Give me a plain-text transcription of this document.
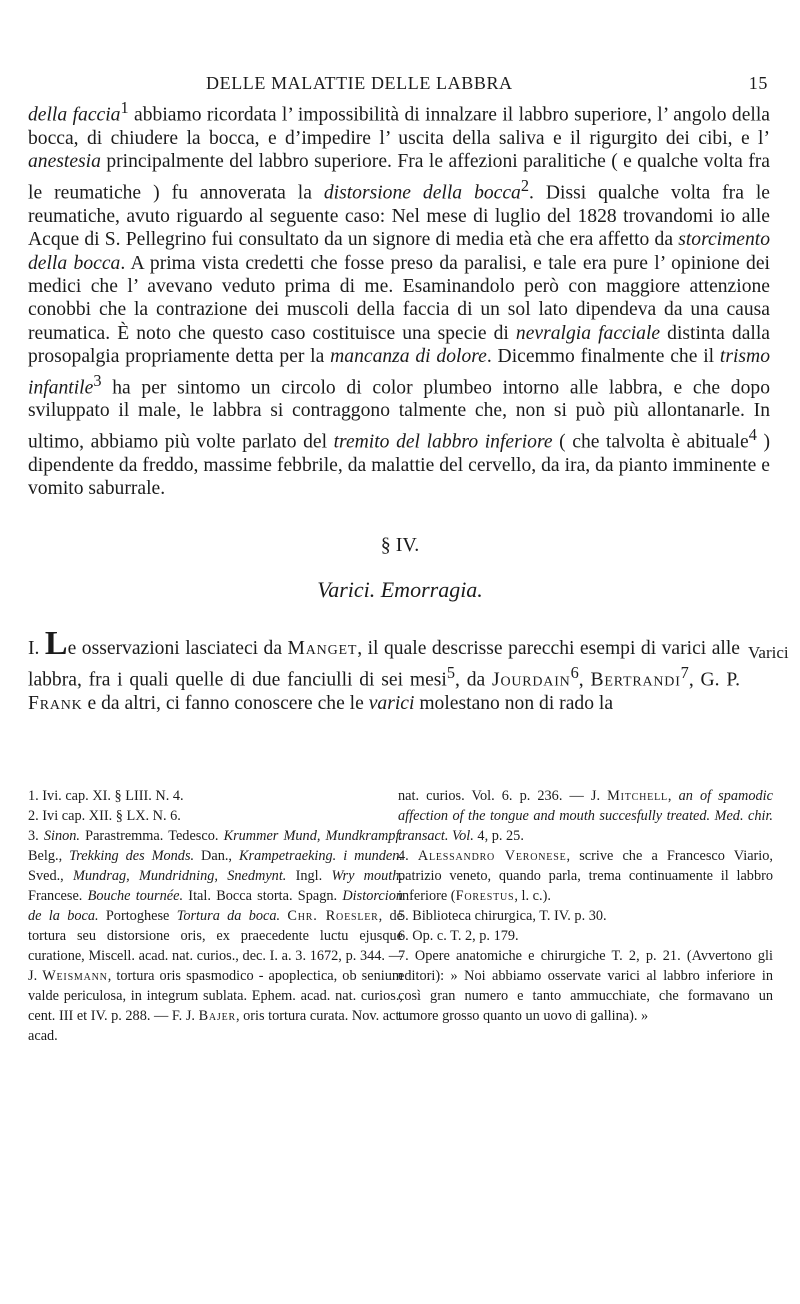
DELLE MALATTIE DELLE LABBRA	15

della faccia$^1$ abbiamo ricordata l’ impossibilità di innalzare il labbro superiore, l’ angolo della bocca, di chiudere la bocca, e d’impedire l’ uscita della saliva e il rigurgito dei cibi, e l’ anestesia principalmente del labbro superiore. Fra le affezioni paralitiche ( e qualche volta fra le reumatiche ) fu annoverata la distorsione della bocca$^2$. Dissi qualche volta fra le reumatiche, avuto riguardo al seguente caso: Nel mese di luglio del 1828 trovandomi io alle Acque di S. Pellegrino fui consultato da un signore di media età che era affetto da storcimento della bocca. A prima vista credetti che fosse preso da paralisi, e tale era pure l’ opinione dei medici che l’ avevano veduto prima di me. Esaminandolo però con maggiore attenzione conobbi che la contrazione dei muscoli della faccia di un sol lato dipendeva da una causa reumatica. È noto che questo caso costituisce una specie di nevralgia facciale distinta dalla prosopalgia propriamente detta per la mancanza di dolore. Dicemmo finalmente che il trismo infantile$^3$ ha per sintomo un circolo di color plumbeo intorno alle labbra, e che dopo sviluppato il male, le labbra si contraggono talmente che, non si può più allontanarle. In ultimo, abbiamo più volte parlato del tremito del labbro inferiore ( che talvolta è abituale$^4$ ) dipendente da freddo, massime febbrile, da malattie del cervello, da ira, da pianto imminente e vomito saburrale.

§ IV.
Varici. Emorragia.

I. Le osservazioni lasciateci da Manget, il quale descrisse parecchi esempi di varici alle labbra, fra i quali quelle di due fanciulli di sei mesi$^5$, da Jourdain$^6$, Bertrandi$^7$, G. P. Frank e da altri, ci fanno conoscere che le varici molestano non di rado la

Varici

1. Ivi. cap. XI. § LIII. N. 4.

2. Ivi cap. XII. § LX. N. 6.

3. Sinon. Parastremma. Tedesco. Krummer Mund, Mundkrampf. Belg., Trekking des Monds. Dan., Krampetraeking. i munden. Sved., Mundrag, Mundridning, Snedmynt. Ingl. Wry mouth. Francese. Bouche tournée. Ital. Bocca storta. Spagn. Distorcion de la boca. Portoghese Tortura da boca. Chr. Roesler, de tortura seu distorsione oris, ex praecedente luctu ejusque curatione, Miscell. acad. nat. curios., dec. I. a. 3. 1672, p. 344. — J. Weismann, tortura oris spasmodico - apoplectica, ob senium valde periculosa, in integrum sublata. Ephem. acad. nat. curios., cent. III et IV. p. 288. — F. J. Bajer, oris tortura curata. Nov. act. acad.

nat. curios. Vol. 6. p. 236. — J. Mitchell, an of spamodic affection of the tongue and mouth succesfully treated. Med. chir. transact. Vol. 4, p. 25.

4. Alessandro Veronese, scrive che a Francesco Viario, patrizio veneto, quando parla, trema continuamente il labbro inferiore (Forestus, l. c.).

5. Biblioteca chirurgica, T. IV. p. 30.

6. Op. c. T. 2, p. 179.

7. Opere anatomiche e chirurgiche T. 2, p. 21. (Avvertono gli editori): » Noi abbiamo osservate varici al labbro inferiore in così gran numero e tanto ammucchiate, che formavano un tumore grosso quanto un uovo di gallina). »
